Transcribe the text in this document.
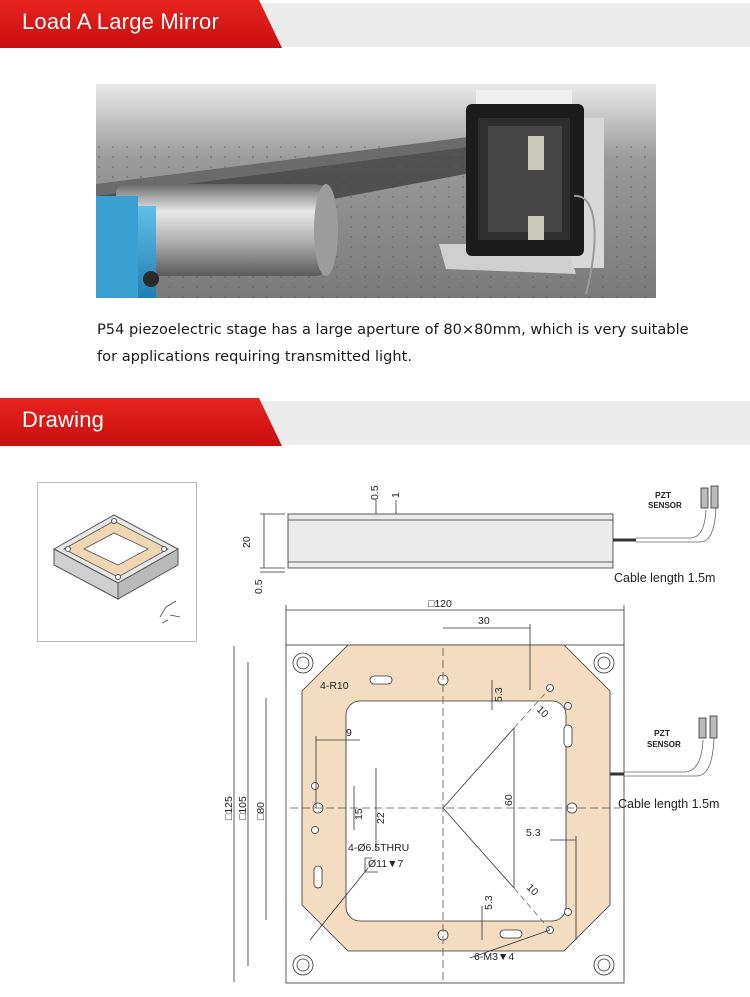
Load A Large Mirror
P54 piezoelectric stage has a large aperture of 80×80mm, which is very suitable for applications requiring transmitted light.
Drawing
0.5 1
20
0.5
PZT
SENSOR
Cable length 1.5m
□120
30
□125 □105 □80
4-R10
9
5.3
10
60
15 22
5.3
4-Ø6.5THRU
Ø11▼7
5.3
10
6-M3▼4
PZT
SENSOR
Cable length 1.5m
